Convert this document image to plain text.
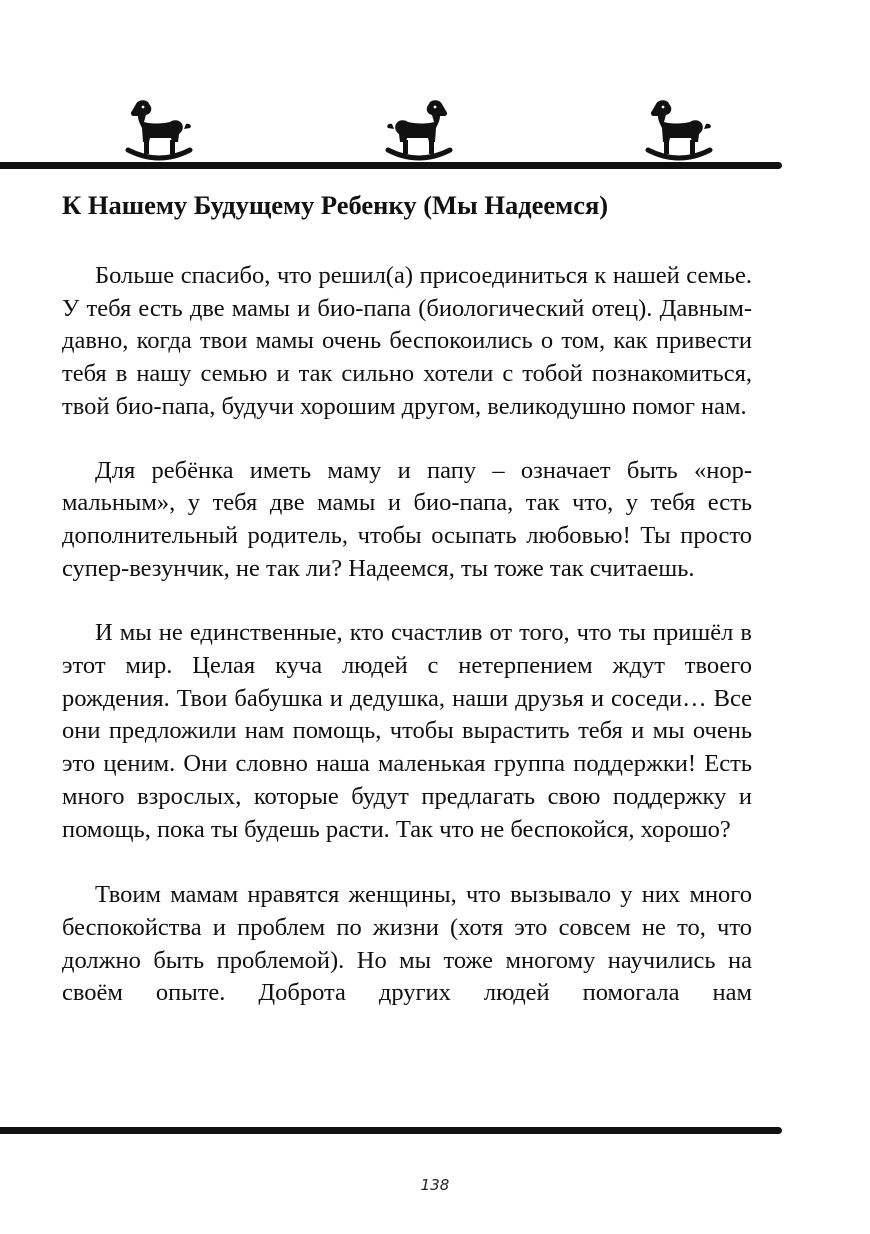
К Нашему Будущему Ребенку (Мы Надеемся)

Больше спасибо, что решил(а) присоединиться к нашей семье. У тебя есть две мамы и био-папа (биологический отец). Давным-давно, когда твои мамы очень беспокоились о том, как привести тебя в нашу семью и так сильно хотели с тобой познакомиться, твой био-папа, будучи хорошим другом, великодушно помог нам.

Для ребёнка иметь маму и папу – означает быть «нормальным», у тебя две мамы и био-папа, так что, у тебя есть дополнительный родитель, чтобы осыпать любовью! Ты просто супер-везунчик, не так ли? Надеемся, ты тоже так считаешь.

И мы не единственные, кто счастлив от того, что ты пришёл в этот мир. Целая куча людей с нетерпением ждут твоего рождения. Твои бабушка и дедушка, наши друзья и соседи… Все они предложили нам помощь, чтобы вырастить тебя и мы очень это ценим. Они словно наша маленькая группа поддержки! Есть много взрослых, которые будут предлагать свою поддержку и помощь, пока ты будешь расти. Так что не беспокойся, хорошо?

Твоим мамам нравятся женщины, что вызывало у них много беспокойства и проблем по жизни (хотя это совсем не то, что должно быть проблемой). Но мы тоже многому научились на своём опыте. Доброта других людей помогала нам

138
